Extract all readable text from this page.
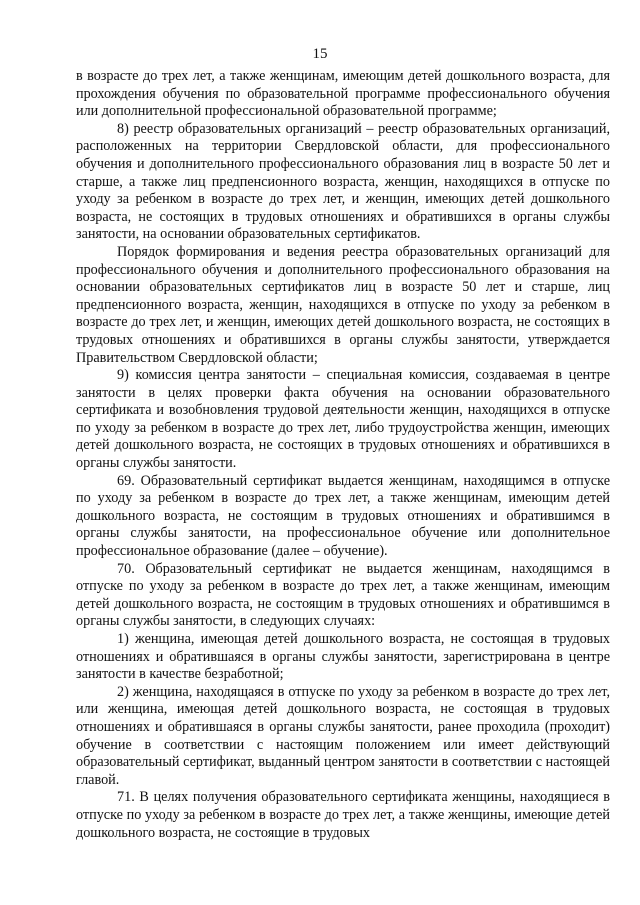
15

в возрасте до трех лет, а также женщинам, имеющим детей дошкольного возраста, для прохождения обучения по образовательной программе профессионального обучения или дополнительной профессиональной образовательной программе;

8) реестр образовательных организаций – реестр образовательных организаций, расположенных на территории Свердловской области, для профессионального обучения и дополнительного профессионального образования лиц в возрасте 50 лет и старше, а также лиц предпенсионного возраста, женщин, находящихся в отпуске по уходу за ребенком в возрасте до трех лет, и женщин, имеющих детей дошкольного возраста, не состоящих в трудовых отношениях и обратившихся в органы службы занятости, на основании образовательных сертификатов.

Порядок формирования и ведения реестра образовательных организаций для профессионального обучения и дополнительного профессионального образования на основании образовательных сертификатов лиц в возрасте 50 лет и старше, лиц предпенсионного возраста, женщин, находящихся в отпуске по уходу за ребенком в возрасте до трех лет, и женщин, имеющих детей дошкольного возраста, не состоящих в трудовых отношениях и обратившихся в органы службы занятости, утверждается Правительством Свердловской области;

9) комиссия центра занятости – специальная комиссия, создаваемая в центре занятости в целях проверки факта обучения на основании образовательного сертификата и возобновления трудовой деятельности женщин, находящихся в отпуске по уходу за ребенком в возрасте до трех лет, либо трудоустройства женщин, имеющих детей дошкольного возраста, не состоящих в трудовых отношениях и обратившихся в органы службы занятости.

69. Образовательный сертификат выдается женщинам, находящимся в отпуске по уходу за ребенком в возрасте до трех лет, а также женщинам, имеющим детей дошкольного возраста, не состоящим в трудовых отношениях и обратившимся в органы службы занятости, на профессиональное обучение или дополнительное профессиональное образование (далее – обучение).

70. Образовательный сертификат не выдается женщинам, находящимся в отпуске по уходу за ребенком в возрасте до трех лет, а также женщинам, имеющим детей дошкольного возраста, не состоящим в трудовых отношениях и обратившимся в органы службы занятости, в следующих случаях:

1) женщина, имеющая детей дошкольного возраста, не состоящая в трудовых отношениях и обратившаяся в органы службы занятости, зарегистрирована в центре занятости в качестве безработной;

2) женщина, находящаяся в отпуске по уходу за ребенком в возрасте до трех лет, или женщина, имеющая детей дошкольного возраста, не состоящая в трудовых отношениях и обратившаяся в органы службы занятости, ранее проходила (проходит) обучение в соответствии с настоящим положением или имеет действующий образовательный сертификат, выданный центром занятости в соответствии с настоящей главой.

71. В целях получения образовательного сертификата женщины, находящиеся в отпуске по уходу за ребенком в возрасте до трех лет, а также женщины, имеющие детей дошкольного возраста, не состоящие в трудовых
